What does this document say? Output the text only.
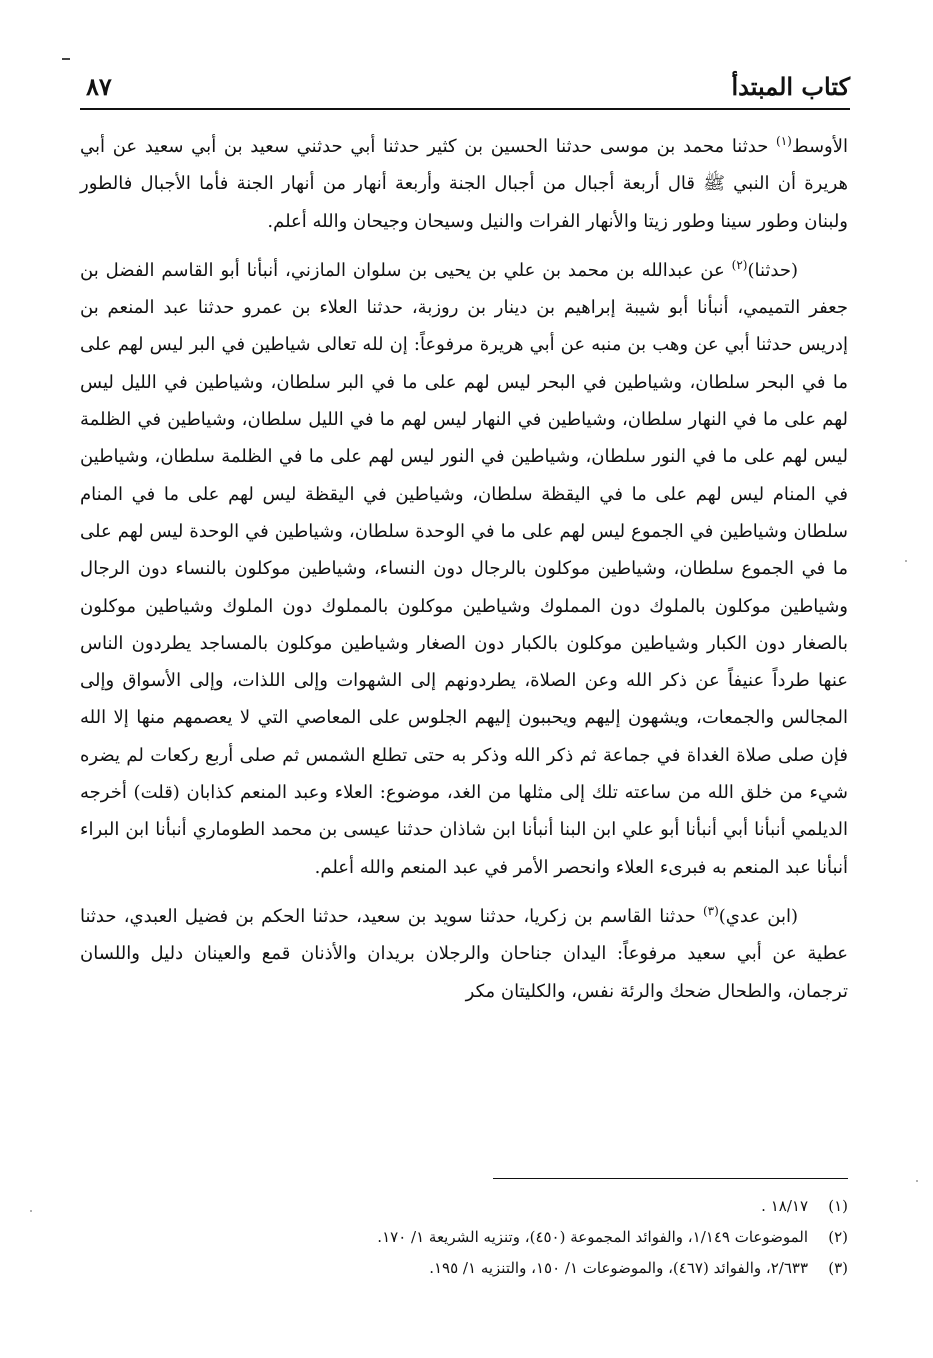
كتاب المبتدأ
٨٧

الأوسط$^{(١)}$ حدثنا محمد بن موسى حدثنا الحسين بن كثير حدثنا أبي حدثني سعيد بن أبي سعيد عن أبي هريرة أن النبي ﷺ قال أربعة أجبال من أجبال الجنة وأربعة أنهار من أنهار الجنة فأما الأجبال فالطور ولبنان وطور سينا وطور زيتا والأنهار الفرات والنيل وسيحان وجيحان والله أعلم.

(حدثنا)$^{(٢)}$ عن عبدالله بن محمد بن علي بن يحيى بن سلوان المازني، أنبأنا أبو القاسم الفضل بن جعفر التميمي، أنبأنا أبو شيبة إبراهيم بن دينار بن روزبة، حدثنا العلاء بن عمرو حدثنا عبد المنعم بن إدريس حدثنا أبي عن وهب بن منبه عن أبي هريرة مرفوعاً: إن لله تعالى شياطين في البر ليس لهم على ما في البحر سلطان، وشياطين في البحر ليس لهم على ما في البر سلطان، وشياطين في الليل ليس لهم على ما في النهار سلطان، وشياطين في النهار ليس لهم ما في الليل سلطان، وشياطين في الظلمة ليس لهم على ما في النور سلطان، وشياطين في النور ليس لهم على ما في الظلمة سلطان، وشياطين في المنام ليس لهم على ما في اليقظة سلطان، وشياطين في اليقظة ليس لهم على ما في المنام سلطان وشياطين في الجموع ليس لهم على ما في الوحدة سلطان، وشياطين في الوحدة ليس لهم على ما في الجموع سلطان، وشياطين موكلون بالرجال دون النساء، وشياطين موكلون بالنساء دون الرجال وشياطين موكلون بالملوك دون المملوك وشياطين موكلون بالمملوك دون الملوك وشياطين موكلون بالصغار دون الكبار وشياطين موكلون بالكبار دون الصغار وشياطين موكلون بالمساجد يطردون الناس عنها طرداً عنيفاً عن ذكر الله وعن الصلاة، يطردونهم إلى الشهوات وإلى اللذات، وإلى الأسواق وإلى المجالس والجمعات، ويشهون إليهم ويحببون إليهم الجلوس على المعاصي التي لا يعصمهم منها إلا الله فإن صلى صلاة الغداة في جماعة ثم ذكر الله وذكر به حتى تطلع الشمس ثم صلى أربع ركعات لم يضره شيء من خلق الله من ساعته تلك إلى مثلها من الغد، موضوع: العلاء وعبد المنعم كذابان (قلت) أخرجه الديلمي أنبأنا أبي أنبأنا أبو علي ابن البنا أنبأنا ابن شاذان حدثنا عيسى بن محمد الطوماري أنبأنا ابن البراء أنبأنا عبد المنعم به فبرىء العلاء وانحصر الأمر في عبد المنعم والله أعلم.

(ابن عدي)$^{(٣)}$ حدثنا القاسم بن زكريا، حدثنا سويد بن سعيد، حدثنا الحكم بن فضيل العبدي، حدثنا عطية عن أبي سعيد مرفوعاً: اليدان جناحان والرجلان بريدان والأذنان قمع والعينان دليل واللسان ترجمان، والطحال ضحك والرئة نفس، والكليتان مكر

(١)١٨/١٧ .
(٢)الموضوعات ١/١٤٩، والفوائد المجموعة (٤٥٠)، وتنزيه الشريعة ١/ ١٧٠.
(٣)٢/٦٣٣، والفوائد (٤٦٧)، والموضوعات ١/ ١٥٠، والتنزيه ١/ ١٩٥.
